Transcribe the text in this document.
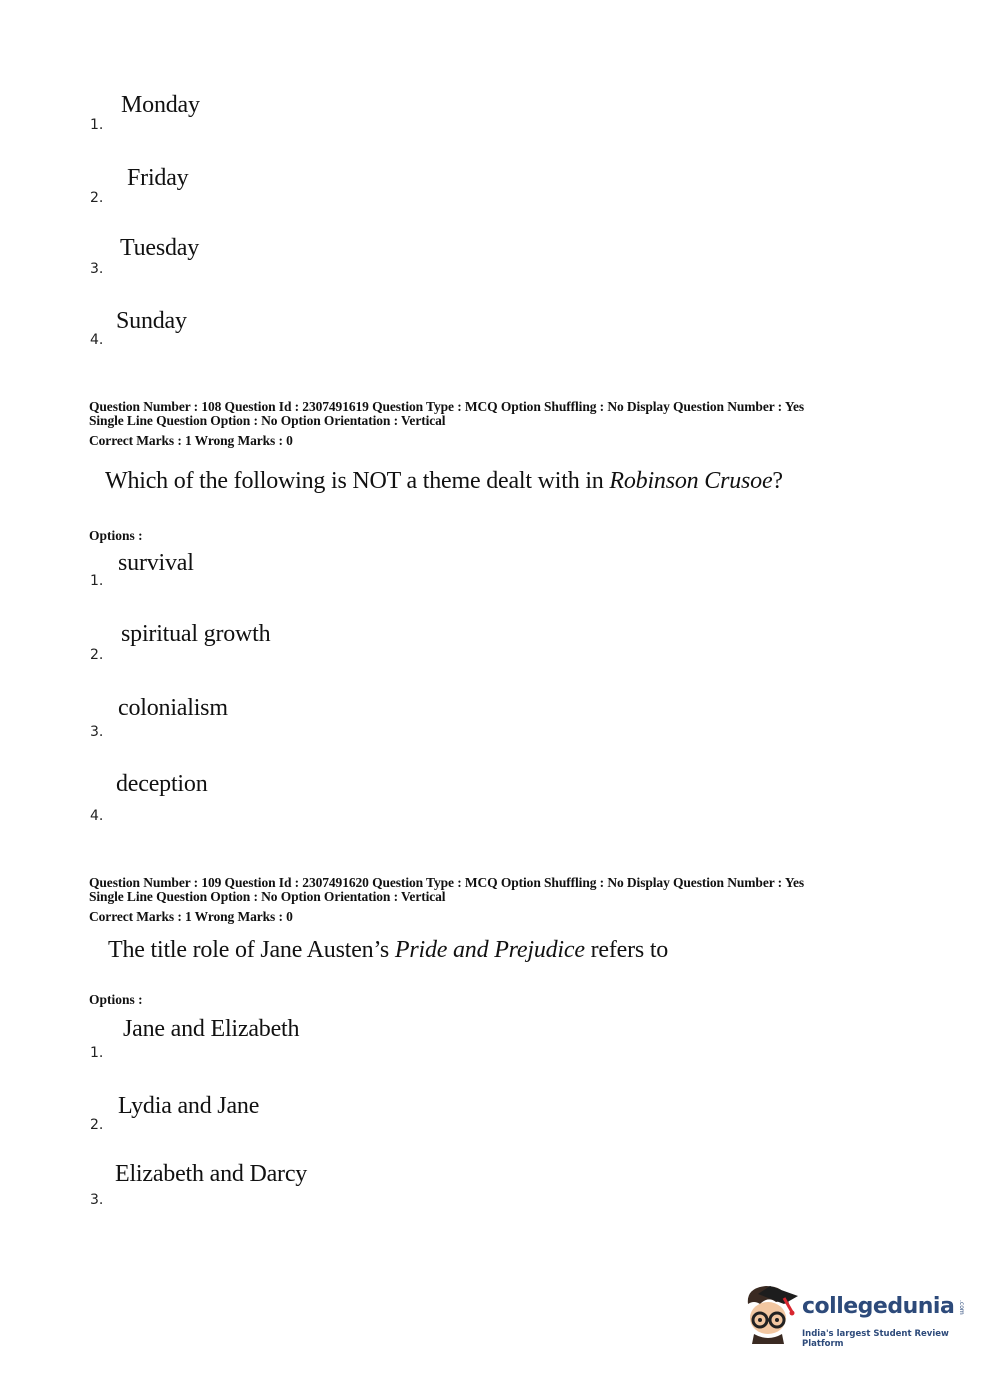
Monday
1.
Friday
2.
Tuesday
3.
Sunday
4.
Question Number : 108 Question Id : 2307491619 Question Type : MCQ Option Shuffling : No Display Question Number : Yes
Single Line Question Option : No Option Orientation : Vertical
Correct Marks : 1 Wrong Marks : 0
Which of the following is NOT a theme dealt with in Robinson Crusoe?
Options :
survival
1.
spiritual growth
2.
colonialism
3.
deception
4.
Question Number : 109 Question Id : 2307491620 Question Type : MCQ Option Shuffling : No Display Question Number : Yes
Single Line Question Option : No Option Orientation : Vertical
Correct Marks : 1 Wrong Marks : 0
The title role of Jane Austen’s Pride and Prejudice refers to
Options :
Jane and Elizabeth
1.
Lydia and Jane
2.
Elizabeth and Darcy
3.
collegedunia .com
India's largest Student Review Platform
